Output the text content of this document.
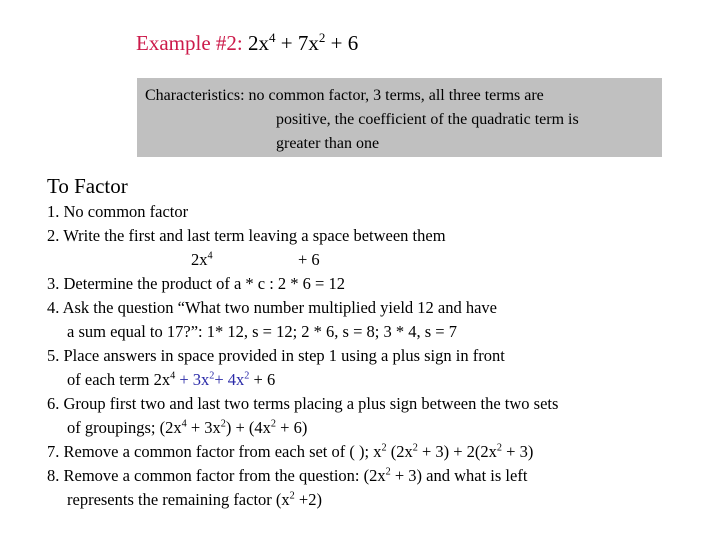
Example #2: $2x^4 + 7x^2 + 6$
Characteristics: no common factor, 3 terms, all three terms are
positive, the coefficient of the quadratic term is
greater than one
To Factor
1. No common factor
2. Write the first and last term leaving a space between them
$2x^4$	+ 6
3. Determine the product of a * c : 2 * 6 = 12
4. Ask the question “What two number multiplied yield 12 and have
a sum equal to 17?”: 1* 12, s = 12; 2 * 6, s = 8; 3 * 4, s = 7
5. Place answers in space provided in step 1 using a plus sign in front
of each term $2x^4 + 3x^2+ 4x^2 + 6$
6. Group first two and last two terms placing a plus sign between the two sets
of groupings; $(2x^4 + 3x^2) + (4x^2 + 6)$
7. Remove a common factor from each set of ( ); $x^2$ $(2x^2 + 3) + 2(2x^2 + 3)$
8. Remove a common factor from the question: $(2x^2 + 3)$ and what is left
represents the remaining factor $(x^2 +2)$
